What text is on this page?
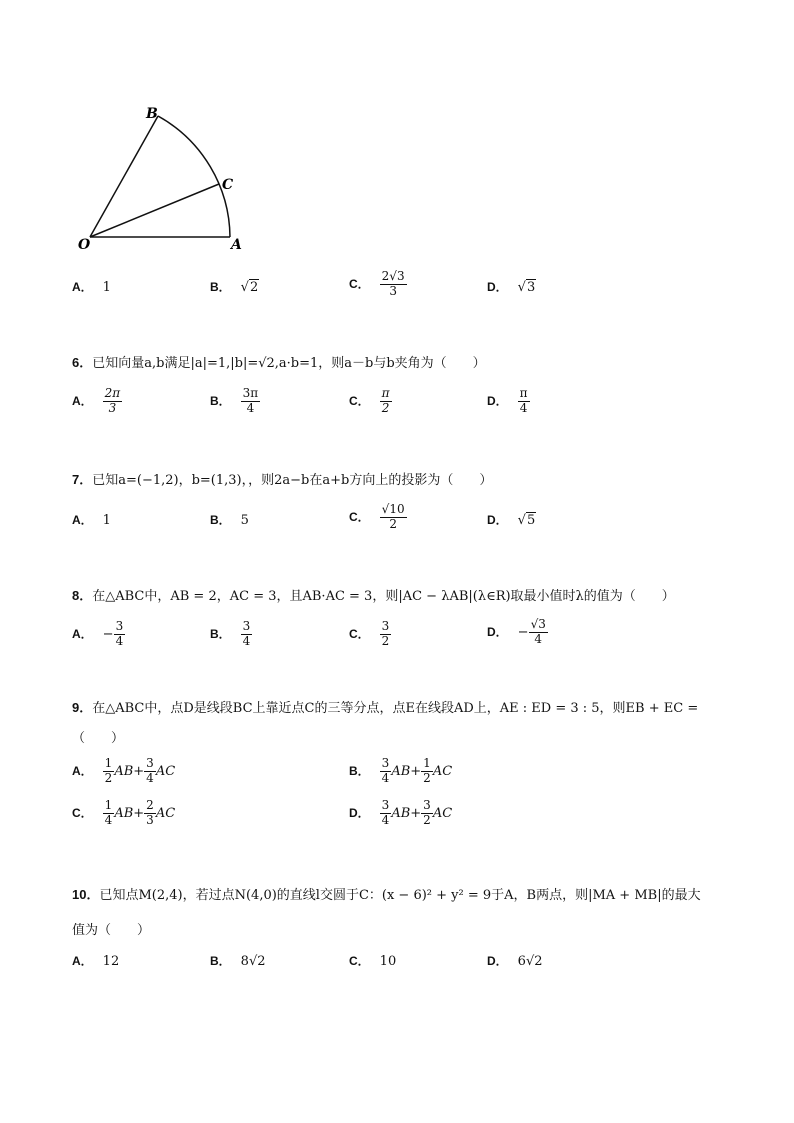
B
C
O	A
A． 1	B． √2	C． $\frac{2√3}{3}$	D． √3
6．已知向量a,b满足|a|=1,|b|=√2,a·b=1，则a－b与b夹角为（　　）
A． $\frac{2\pi}{3}$	B． $\frac{3\pi}{4}$	C． $\frac{\pi}{2}$	D． $\frac{\pi}{4}$
7．已知a=(−1,2)，b=(1,3)，，则2a−b在a+b方向上的投影为（　　）
A． 1	B． 5	C． $\frac{√10}{2}$	D． √5
8．在△ABC中，AB = 2，AC = 3，且AB·AC = 3，则|AC − λAB|(λ∈R)取最小值时λ的值为（　　）
A． − $\frac{3}{4}$	B． $\frac{3}{4}$	C． $\frac{3}{2}$	D． − $\frac{√3}{4}$
9．在△ABC中，点D是线段BC上靠近点C的三等分点，点E在线段AD上，AE : ED = 3 : 5，则EB + EC =
（　　）
A． $\frac{1}{2} AB+ \frac{3}{4}$ AC	B． $\frac{3}{4} AB+ \frac{1}{2}$ AC
C． $\frac{1}{4} AB+ \frac{2}{3}$ AC	D． $\frac{3}{4} AB+ \frac{3}{2}$ AC
10．已知点M(2,4)，若过点N(4,0)的直线l交圆于C：(x − 6)² + y² = 9于A，B两点，则|MA + MB|的最大
值为（　　）
A． 12	B． 8√2	C． 10	D． 6√2
